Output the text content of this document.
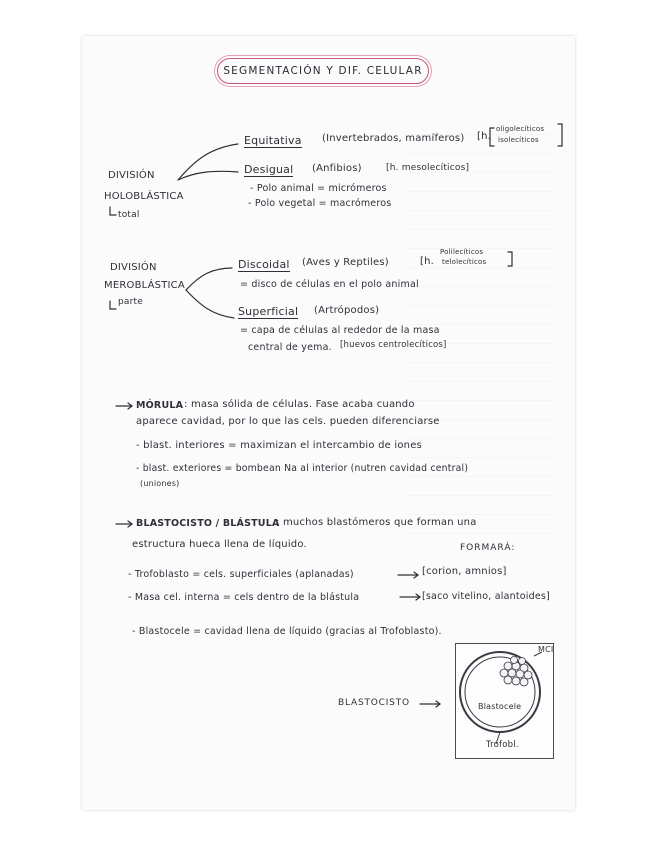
SEGMENTACIÓN Y DIF. CELULAR
DIVISIÓN
HOLOBLÁSTICA
total
Equitativa (Invertebrados, mamíferos) [h.
oligolecíticos
isolecíticos
Desigual (Anfibios)	[h. mesolecíticos]
- Polo animal = micrómeros
- Polo vegetal = macrómeros
DIVISIÓN
MEROBLÁSTICA
parte
Discoidal (Aves y Reptiles)	[h.
Polilecíticos
telolecíticos
= disco de células en el polo animal
Superficial (Artrópodos)
= capa de células al rededor de la masa
central de yema. [huevos centrolecíticos]
MÓRULA : masa sólida de células. Fase acaba cuando
aparece cavidad, por lo que las cels. pueden diferenciarse
- blast. interiores = maximizan el intercambio de iones
- blast. exteriores = bombean Na al interior (nutren cavidad central)
(uniones)
BLASTOCISTO / BLÁSTULA
; muchos blastómeros que forman una
estructura hueca llena de líquido.	FORMARÁ:
- Trofoblasto = cels. superficiales (aplanadas)	[corion, amnios]
- Masa cel. interna = cels dentro de la blástula	[saco vitelino, alantoides]
- Blastocele = cavidad llena de líquido (gracias al Trofoblasto).
BLASTOCISTO
MCI
Blastocele
Trofobl.
